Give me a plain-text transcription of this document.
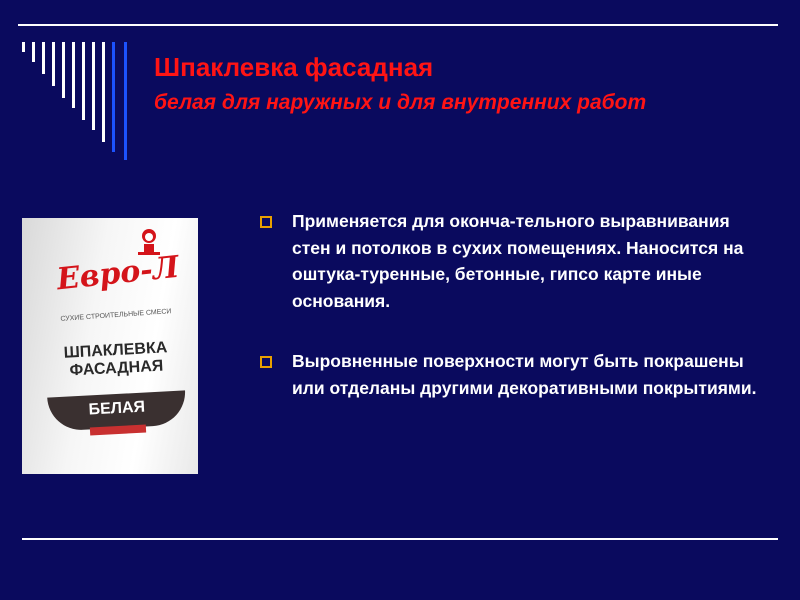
Шпаклевка фасадная
белая для наружных и для внутренних работ
Евро-Л
СУХИЕ СТРОИТЕЛЬНЫЕ СМЕСИ
ШПАКЛЕВКА ФАСАДНАЯ
БЕЛАЯ
Применяется для оконча-тельного выравнивания стен и потолков в сухих помещениях. Наносится на оштука-туренные, бетонные, гипсо карте иные основания.
Выровненные поверхности могут быть покрашены или отделаны другими декоративными покрытиями.
